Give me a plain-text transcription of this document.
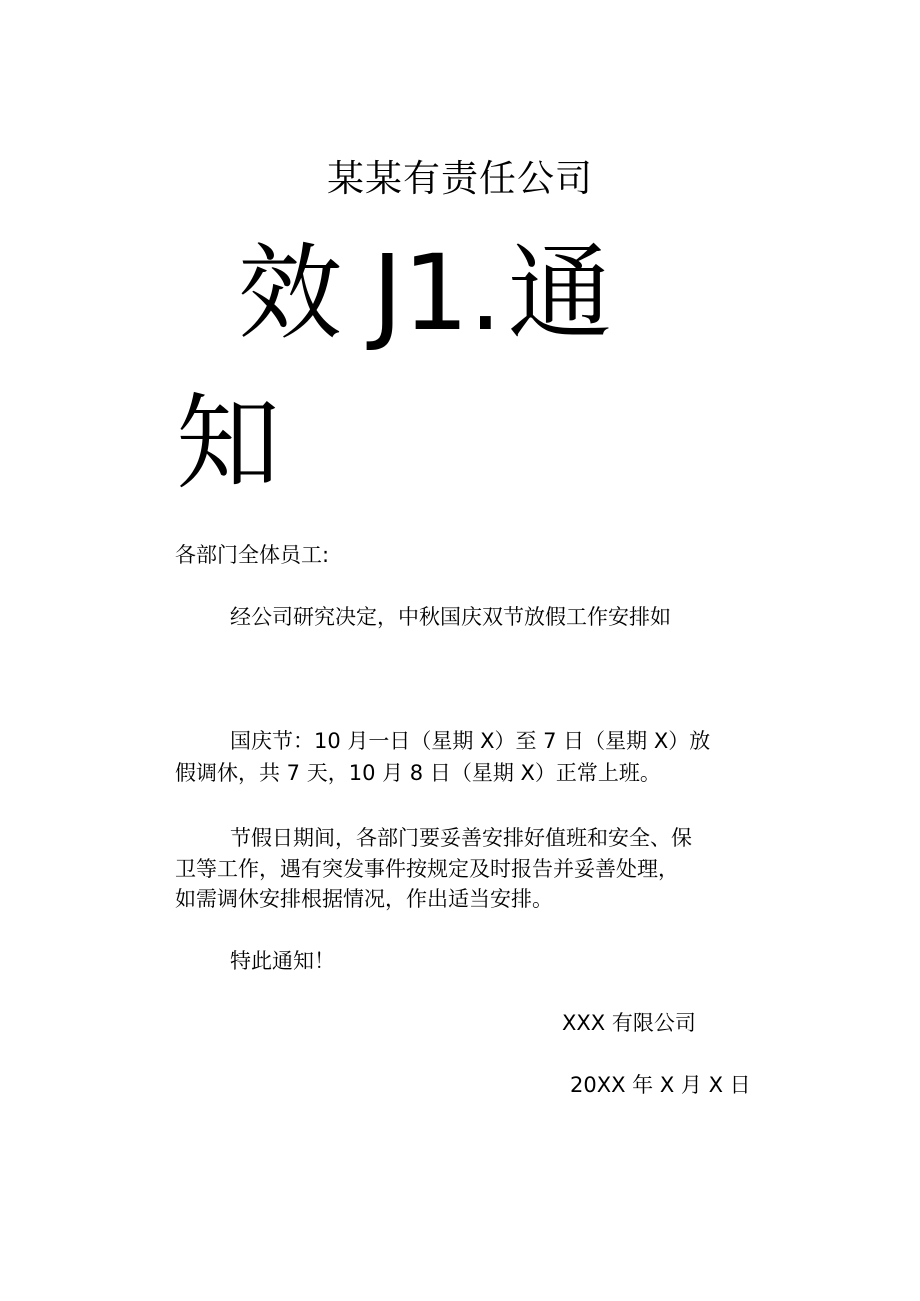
某某有责任公司
效 J1.通
知
各部门全体员工:
经公司研究决定，中秋国庆双节放假工作安排如
国庆节：10 月一日（星期 X）至 7 日（星期 X）放
假调休，共 7 天，10 月 8 日（星期 X）正常上班。
节假日期间，各部门要妥善安排好值班和安全、保
卫等工作，遇有突发事件按规定及时报告并妥善处理，
如需调休安排根据情况，作出适当安排。
特此通知！
XXX 有限公司
20XX 年 X 月 X 日
